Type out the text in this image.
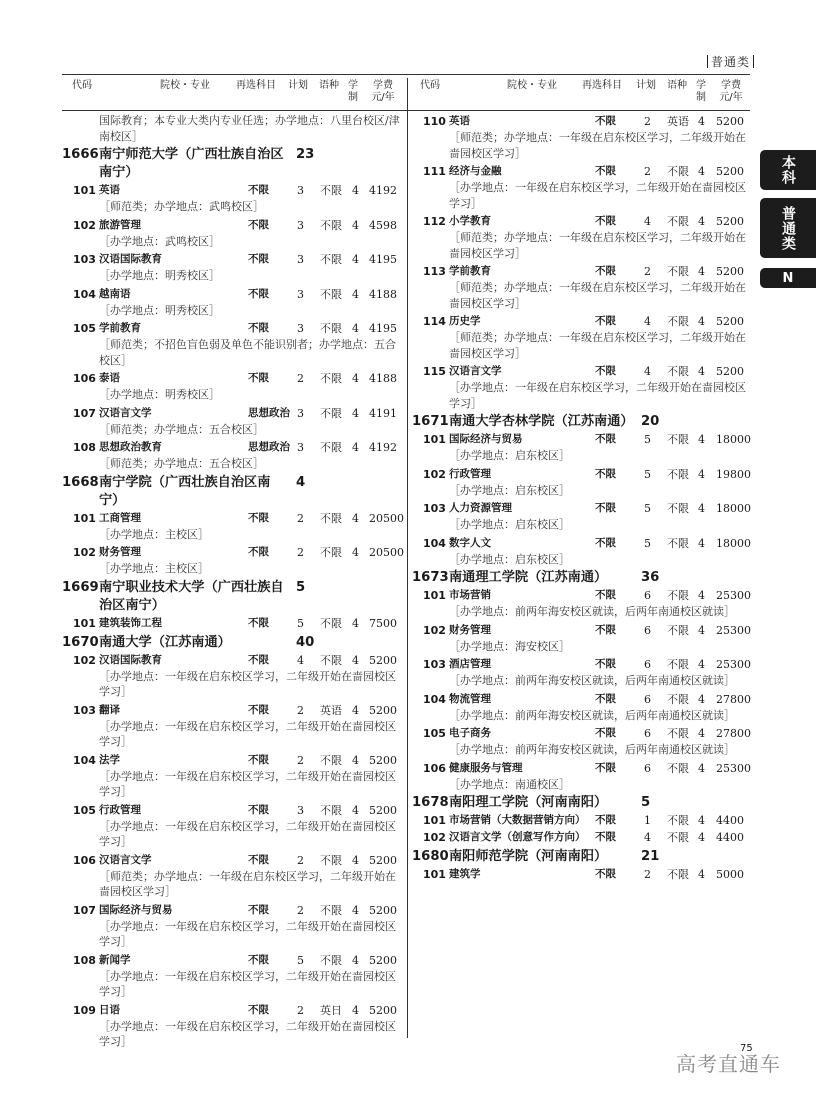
普通类
本科
普通类
N
代码	院校・专业	再选科目 计划 语种 学制
学费元/年
代码	院校・专业	再选科目 计划 语种 学制
学费元/年
国际教育；本专业大类内专业任选；办学地点：八里台校区/津南校区］
1666 南宁师范大学（广西壮族自治区南宁）
23
101 英语	不限	3 不限 4 4192
［师范类；办学地点：武鸣校区］
102 旅游管理	不限	3 不限 4 4598
［办学地点：武鸣校区］
103 汉语国际教育	不限	3 不限 4 4195
［办学地点：明秀校区］
104 越南语	不限	3 不限 4 4188
［办学地点：明秀校区］
105 学前教育	不限	3 不限 4 4195
［师范类；不招色盲色弱及单色不能识别者；办学地点：五合校区］
106 泰语	不限	2 不限 4 4188
［办学地点：明秀校区］
107 汉语言文学	思想政治 3 不限 4 4191
［师范类；办学地点：五合校区］
108 思想政治教育	思想政治 3 不限 4 4192
［师范类；办学地点：五合校区］
1668 南宁学院（广西壮族自治区南宁）
4
101 工商管理	不限	2 不限 4 20500
［办学地点：主校区］
102 财务管理	不限	2 不限 4 20500
［办学地点：主校区］
1669 南宁职业技术大学（广西壮族自治区南宁）
5
101 建筑装饰工程	不限	5 不限 4 7500
1670 南通大学（江苏南通）	40
102 汉语国际教育	不限	4 不限 4 5200
［办学地点：一年级在启东校区学习，二年级开始在啬园校区学习］
103 翻译	不限	2 英语 4 5200
［办学地点：一年级在启东校区学习，二年级开始在啬园校区学习］
104 法学	不限	2 不限 4 5200
［办学地点：一年级在启东校区学习，二年级开始在啬园校区学习］
105 行政管理	不限	3 不限 4 5200
［办学地点：一年级在启东校区学习，二年级开始在啬园校区学习］
106 汉语言文学	不限	2 不限 4 5200
［师范类；办学地点：一年级在启东校区学习，二年级开始在啬园校区学习］
107 国际经济与贸易	不限	2 不限 4 5200
［办学地点：一年级在启东校区学习，二年级开始在啬园校区学习］
108 新闻学	不限	5 不限 4 5200
［办学地点：一年级在启东校区学习，二年级开始在啬园校区学习］
109 日语	不限	2 英日 4 5200
［办学地点：一年级在启东校区学习，二年级开始在啬园校区学习］
110 英语	不限	2 英语 4 5200
［师范类；办学地点：一年级在启东校区学习，二年级开始在啬园校区学习］
111 经济与金融	不限	2 不限 4 5200
［办学地点：一年级在启东校区学习，二年级开始在啬园校区学习］
112 小学教育	不限	4 不限 4 5200
［师范类；办学地点：一年级在启东校区学习，二年级开始在啬园校区学习］
113 学前教育	不限	2 不限 4 5200
［师范类；办学地点：一年级在启东校区学习，二年级开始在啬园校区学习］
114 历史学	不限	4 不限 4 5200
［师范类；办学地点：一年级在启东校区学习，二年级开始在啬园校区学习］
115 汉语言文学	不限	4 不限 4 5200
［办学地点：一年级在启东校区学习，二年级开始在啬园校区学习］
1671 南通大学杏林学院（江苏南通） 20
101 国际经济与贸易	不限	5 不限 4 18000
［办学地点：启东校区］
102 行政管理	不限	5 不限 4 19800
［办学地点：启东校区］
103 人力资源管理	不限	5 不限 4 18000
［办学地点：启东校区］
104 数字人文	不限	5 不限 4 18000
［办学地点：启东校区］
1673 南通理工学院（江苏南通）	36
101 市场营销	不限	6 不限 4 25300
［办学地点：前两年海安校区就读，后两年南通校区就读］
102 财务管理	不限	6 不限 4 25300
［办学地点：海安校区］
103 酒店管理	不限	6 不限 4 25300
［办学地点：前两年海安校区就读，后两年南通校区就读］
104 物流管理	不限	6 不限 4 27800
［办学地点：前两年海安校区就读，后两年南通校区就读］
105 电子商务	不限	6 不限 4 27800
［办学地点：前两年海安校区就读，后两年南通校区就读］
106 健康服务与管理	不限	6 不限 4 25300
［办学地点：南通校区］
1678 南阳理工学院（河南南阳）	5
101 市场营销（大数据营销方向） 不限	1 不限 4 4400
102 汉语言文学（创意写作方向） 不限	4 不限 4 4400
1680 南阳师范学院（河南南阳）	21
101 建筑学	不限	2 不限 4 5000
75
高考直通车
